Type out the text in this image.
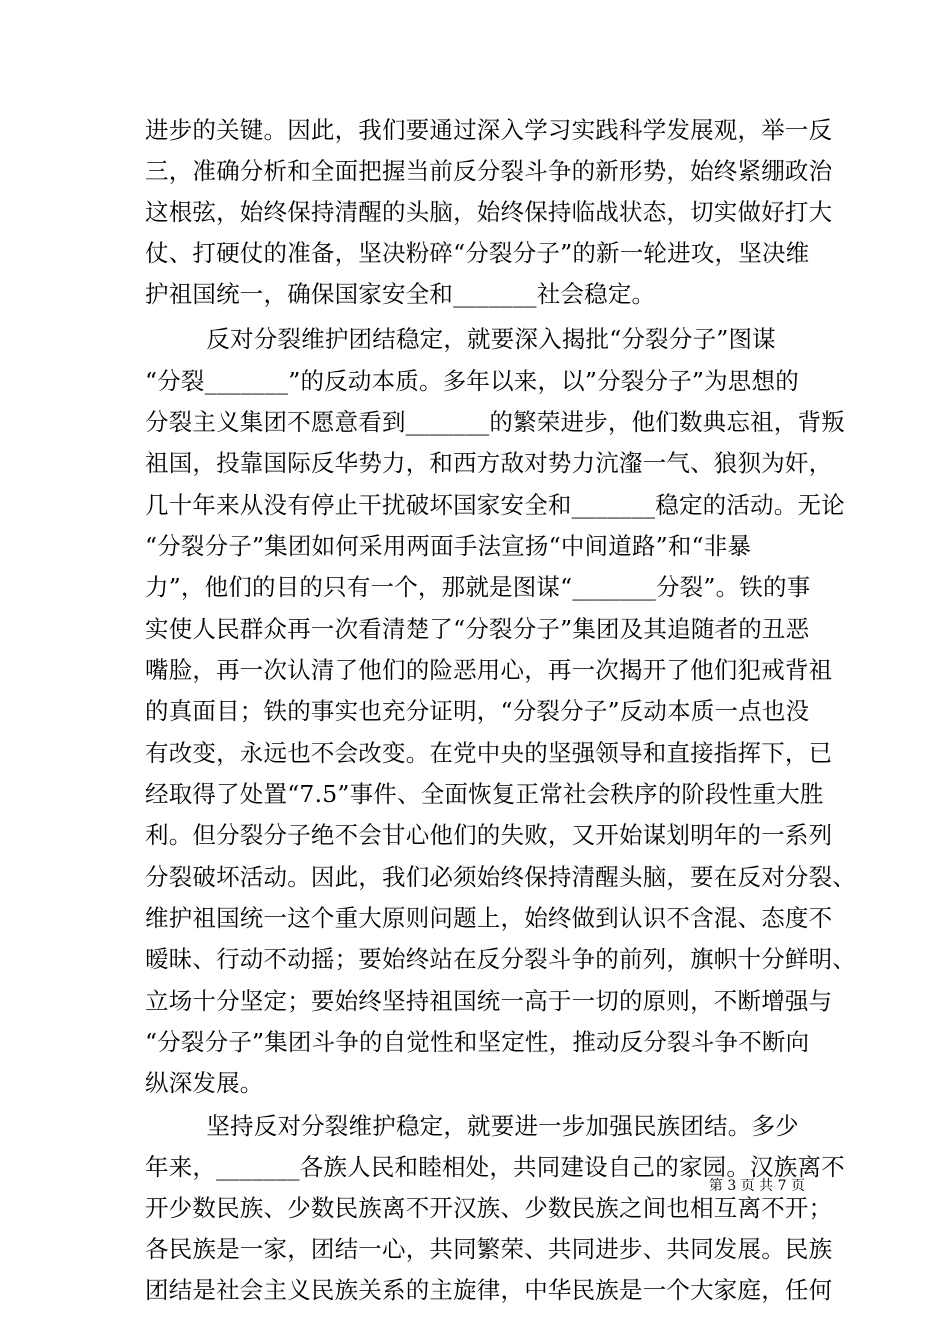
进步的关键。因此，我们要通过深入学习实践科学发展观，举一反
三，准确分析和全面把握当前反分裂斗争的新形势，始终紧绷政治
这根弦，始终保持清醒的头脑，始终保持临战状态，切实做好打大
仗、打硬仗的准备，坚决粉碎“分裂分子”的新一轮进攻，坚决维
护祖国统一，确保国家安全和_______社会稳定。
反对分裂维护团结稳定，就要深入揭批“分裂分子”图谋
“分裂_______”的反动本质。多年以来，以”分裂分子”为思想的
分裂主义集团不愿意看到_______的繁荣进步，他们数典忘祖，背叛
祖国，投靠国际反华势力，和西方敌对势力沆瀣一气、狼狈为奸，
几十年来从没有停止干扰破坏国家安全和_______稳定的活动。无论
“分裂分子”集团如何采用两面手法宣扬“中间道路”和“非暴
力”，他们的目的只有一个，那就是图谋“_______分裂”。铁的事
实使人民群众再一次看清楚了“分裂分子”集团及其追随者的丑恶
嘴脸，再一次认清了他们的险恶用心，再一次揭开了他们犯戒背祖
的真面目；铁的事实也充分证明，“分裂分子”反动本质一点也没
有改变，永远也不会改变。在党中央的坚强领导和直接指挥下，已
经取得了处置“7.5”事件、全面恢复正常社会秩序的阶段性重大胜
利。但分裂分子绝不会甘心他们的失败，又开始谋划明年的一系列
分裂破坏活动。因此，我们必须始终保持清醒头脑，要在反对分裂、
维护祖国统一这个重大原则问题上，始终做到认识不含混、态度不
暧昧、行动不动摇；要始终站在反分裂斗争的前列，旗帜十分鲜明、
立场十分坚定；要始终坚持祖国统一高于一切的原则，不断增强与
“分裂分子”集团斗争的自觉性和坚定性，推动反分裂斗争不断向
纵深发展。
坚持反对分裂维护稳定，就要进一步加强民族团结。多少
年来，_______各族人民和睦相处，共同建设自己的家园。汉族离不
开少数民族、少数民族离不开汉族、少数民族之间也相互离不开；
各民族是一家，团结一心，共同繁荣、共同进步、共同发展。民族
团结是社会主义民族关系的主旋律，中华民族是一个大家庭，任何
第 3 页 共 7 页
